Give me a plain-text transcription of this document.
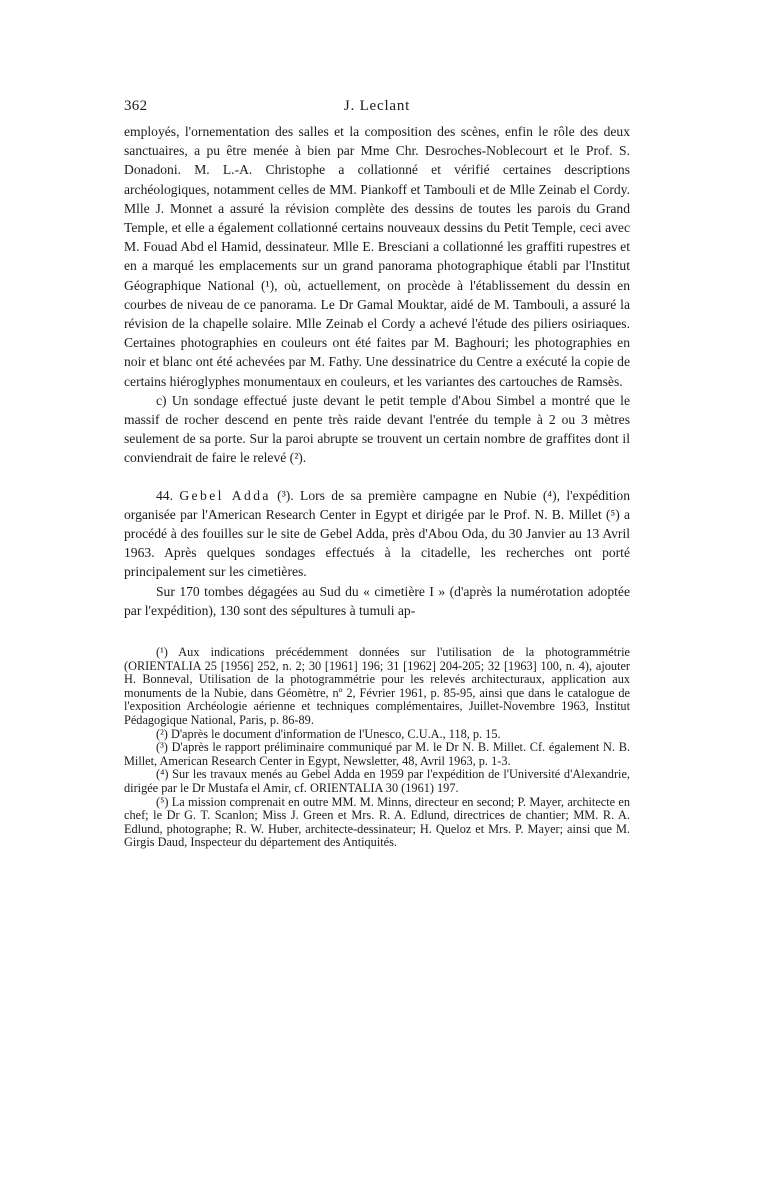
362	J. Leclant

employés, l'ornementation des salles et la composition des scènes, enfin le rôle des deux sanctuaires, a pu être menée à bien par Mme Chr. Desroches-Noblecourt et le Prof. S. Donadoni. M. L.-A. Christophe a collationné et vérifié certaines descriptions archéologiques, notamment celles de MM. Piankoff et Tambouli et de Mlle Zeinab el Cordy. Mlle J. Monnet a assuré la révision complète des dessins de toutes les parois du Grand Temple, et elle a également collationné certains nouveaux dessins du Petit Temple, ceci avec M. Fouad Abd el Hamid, dessinateur. Mlle E. Bresciani a collationné les graffiti rupestres et en a marqué les emplacements sur un grand panorama photographique établi par l'Institut Géographique National (¹), où, actuellement, on procède à l'établissement du dessin en courbes de niveau de ce panorama. Le Dr Gamal Mouktar, aidé de M. Tambouli, a assuré la révision de la chapelle solaire. Mlle Zeinab el Cordy a achevé l'étude des piliers osiriaques. Certaines photographies en couleurs ont été faites par M. Baghouri; les photographies en noir et blanc ont été achevées par M. Fathy. Une dessinatrice du Centre a exécuté la copie de certains hiéroglyphes monumentaux en couleurs, et les variantes des cartouches de Ramsès.

c) Un sondage effectué juste devant le petit temple d'Abou Simbel a montré que le massif de rocher descend en pente très raide devant l'entrée du temple à 2 ou 3 mètres seulement de sa porte. Sur la paroi abrupte se trouvent un certain nombre de graffites dont il conviendrait de faire le relevé (²).

44. Gebel Adda (³). Lors de sa première campagne en Nubie (⁴), l'expédition organisée par l'American Research Center in Egypt et dirigée par le Prof. N. B. Millet (⁵) a procédé à des fouilles sur le site de Gebel Adda, près d'Abou Oda, du 30 Janvier au 13 Avril 1963. Après quelques sondages effectués à la citadelle, les recherches ont porté principalement sur les cimetières.

Sur 170 tombes dégagées au Sud du « cimetière I » (d'après la numérotation adoptée par l'expédition), 130 sont des sépultures à tumuli ap-

(¹) Aux indications précédemment données sur l'utilisation de la photogrammétrie (ORIENTALIA 25 [1956] 252, n. 2; 30 [1961] 196; 31 [1962] 204-205; 32 [1963] 100, n. 4), ajouter H. Bonneval, Utilisation de la photogrammétrie pour les relevés architecturaux, application aux monuments de la Nubie, dans Géomètre, nº 2, Février 1961, p. 85-95, ainsi que dans le catalogue de l'exposition Archéologie aérienne et techniques complémentaires, Juillet-Novembre 1963, Institut Pédagogique National, Paris, p. 86-89.

(²) D'après le document d'information de l'Unesco, C.U.A., 118, p. 15.

(³) D'après le rapport préliminaire communiqué par M. le Dr N. B. Millet. Cf. également N. B. Millet, American Research Center in Egypt, Newsletter, 48, Avril 1963, p. 1-3.

(⁴) Sur les travaux menés au Gebel Adda en 1959 par l'expédition de l'Université d'Alexandrie, dirigée par le Dr Mustafa el Amir, cf. ORIENTALIA 30 (1961) 197.

(⁵) La mission comprenait en outre MM. M. Minns, directeur en second; P. Mayer, architecte en chef; le Dr G. T. Scanlon; Miss J. Green et Mrs. R. A. Edlund, directrices de chantier; MM. R. A. Edlund, photographe; R. W. Huber, architecte-dessinateur; H. Queloz et Mrs. P. Mayer; ainsi que M. Girgis Daud, Inspecteur du département des Antiquités.
